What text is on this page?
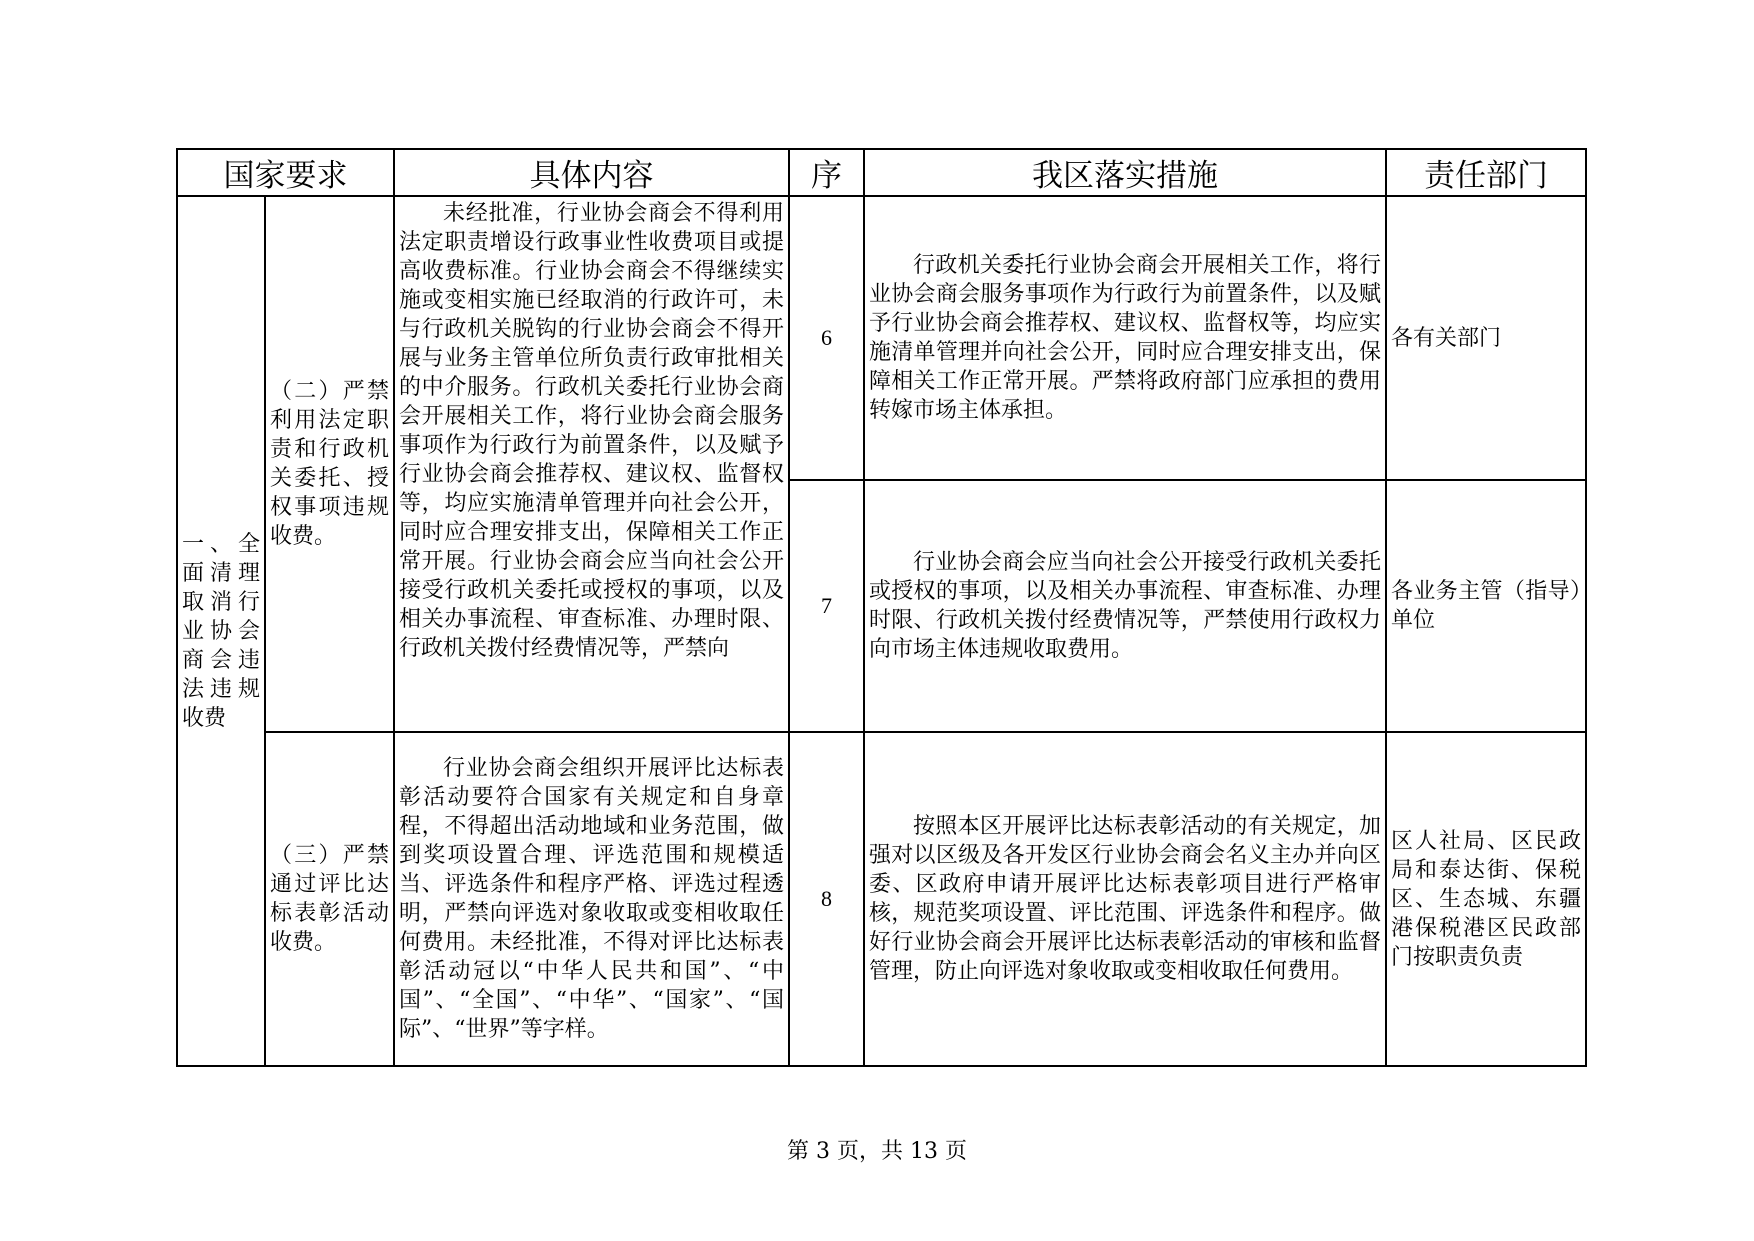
国家要求		具体内容	序	我区落实措施	责任部门

一、全面清理取消行业协会商会违法违规收费	（二）严禁利用法定职责和行政机关委托、授权事项违规收费。	未经批准，行业协会商会不得利用法定职责增设行政事业性收费项目或提高收费标准。行业协会商会不得继续实施或变相实施已经取消的行政许可，未与行政机关脱钩的行业协会商会不得开展与业务主管单位所负责行政审批相关的中介服务。行政机关委托行业协会商会开展相关工作，将行业协会商会服务事项作为行政行为前置条件，以及赋予行业协会商会推荐权、建议权、监督权等，均应实施清单管理并向社会公开，同时应合理安排支出，保障相关工作正常开展。行业协会商会应当向社会公开接受行政机关委托或授权的事项，以及相关办事流程、审查标准、办理时限、行政机关拨付经费情况等，严禁向	6	行政机关委托行业协会商会开展相关工作，将行业协会商会服务事项作为行政行为前置条件，以及赋予行业协会商会推荐权、建议权、监督权等，均应实施清单管理并向社会公开，同时应合理安排支出，保障相关工作正常开展。严禁将政府部门应承担的费用转嫁市场主体承担。	各有关部门

			7	行业协会商会应当向社会公开接受行政机关委托或授权的事项，以及相关办事流程、审查标准、办理时限、行政机关拨付经费情况等，严禁使用行政权力向市场主体违规收取费用。	各业务主管（指导）单位

	（三）严禁通过评比达标表彰活动收费。	行业协会商会组织开展评比达标表彰活动要符合国家有关规定和自身章程，不得超出活动地域和业务范围，做到奖项设置合理、评选范围和规模适当、评选条件和程序严格、评选过程透明，严禁向评选对象收取或变相收取任何费用。未经批准，不得对评比达标表彰活动冠以“中华人民共和国”、“中国”、“全国”、“中华”、“国家”、“国际”、“世界”等字样。	8	按照本区开展评比达标表彰活动的有关规定，加强对以区级及各开发区行业协会商会名义主办并向区委、区政府申请开展评比达标表彰项目进行严格审核，规范奖项设置、评比范围、评选条件和程序。做好行业协会商会开展评比达标表彰活动的审核和监督管理，防止向评选对象收取或变相收取任何费用。	区人社局、区民政局和泰达街、保税区、生态城、东疆港保税港区民政部门按职责负责
第 3 页，共 13 页
